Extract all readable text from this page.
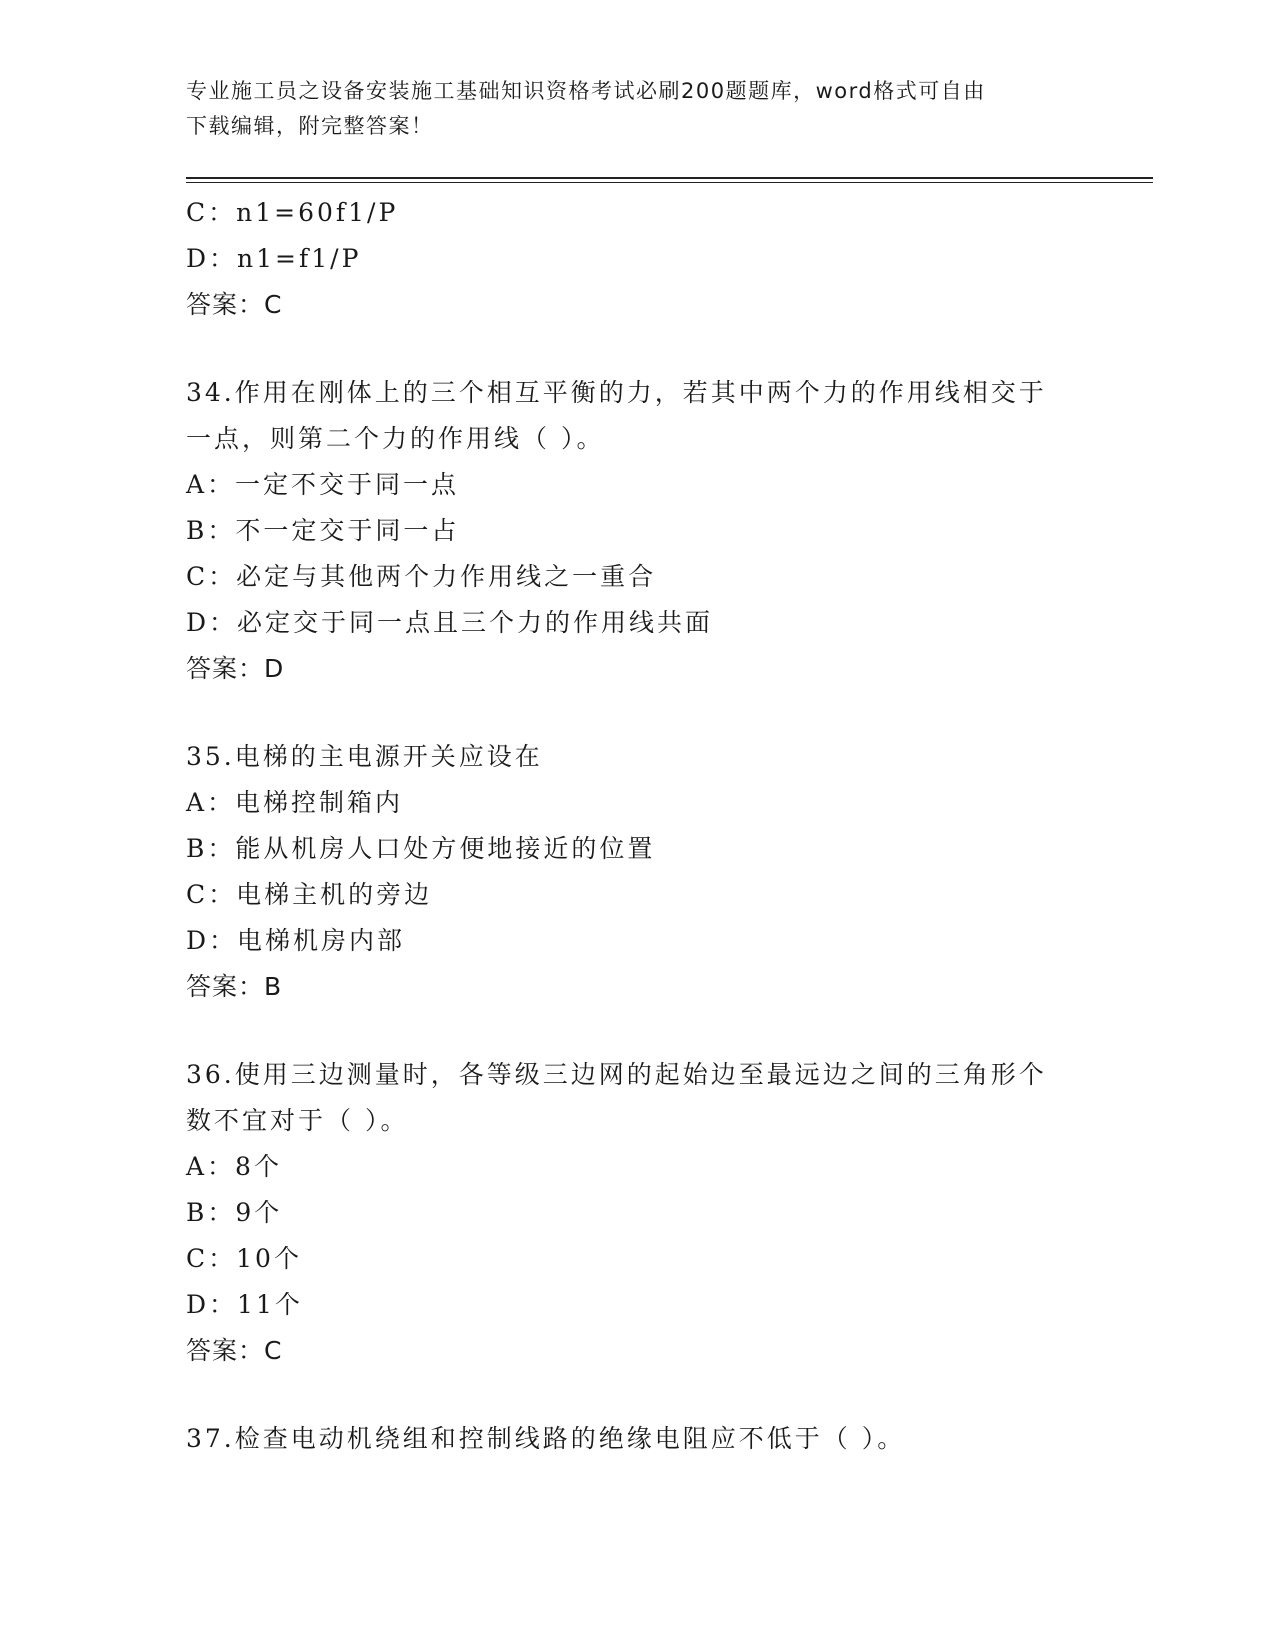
专业施工员之设备安装施工基础知识资格考试必刷200题题库，word格式可自由
下载编辑，附完整答案！
C：n1=60f1/P
D：n1=f1/P
答案：C
34.作用在刚体上的三个相互平衡的力，若其中两个力的作用线相交于
一点，则第二个力的作用线（ ）。
A：一定不交于同一点
B：不一定交于同一占
C：必定与其他两个力作用线之一重合
D：必定交于同一点且三个力的作用线共面
答案：D
35.电梯的主电源开关应设在
A：电梯控制箱内
B：能从机房人口处方便地接近的位置
C：电梯主机的旁边
D：电梯机房内部
答案：B
36.使用三边测量时，各等级三边网的起始边至最远边之间的三角形个
数不宜对于（ ）。
A：8个
B：9个
C：10个
D：11个
答案：C
37.检查电动机绕组和控制线路的绝缘电阻应不低于（ ）。
